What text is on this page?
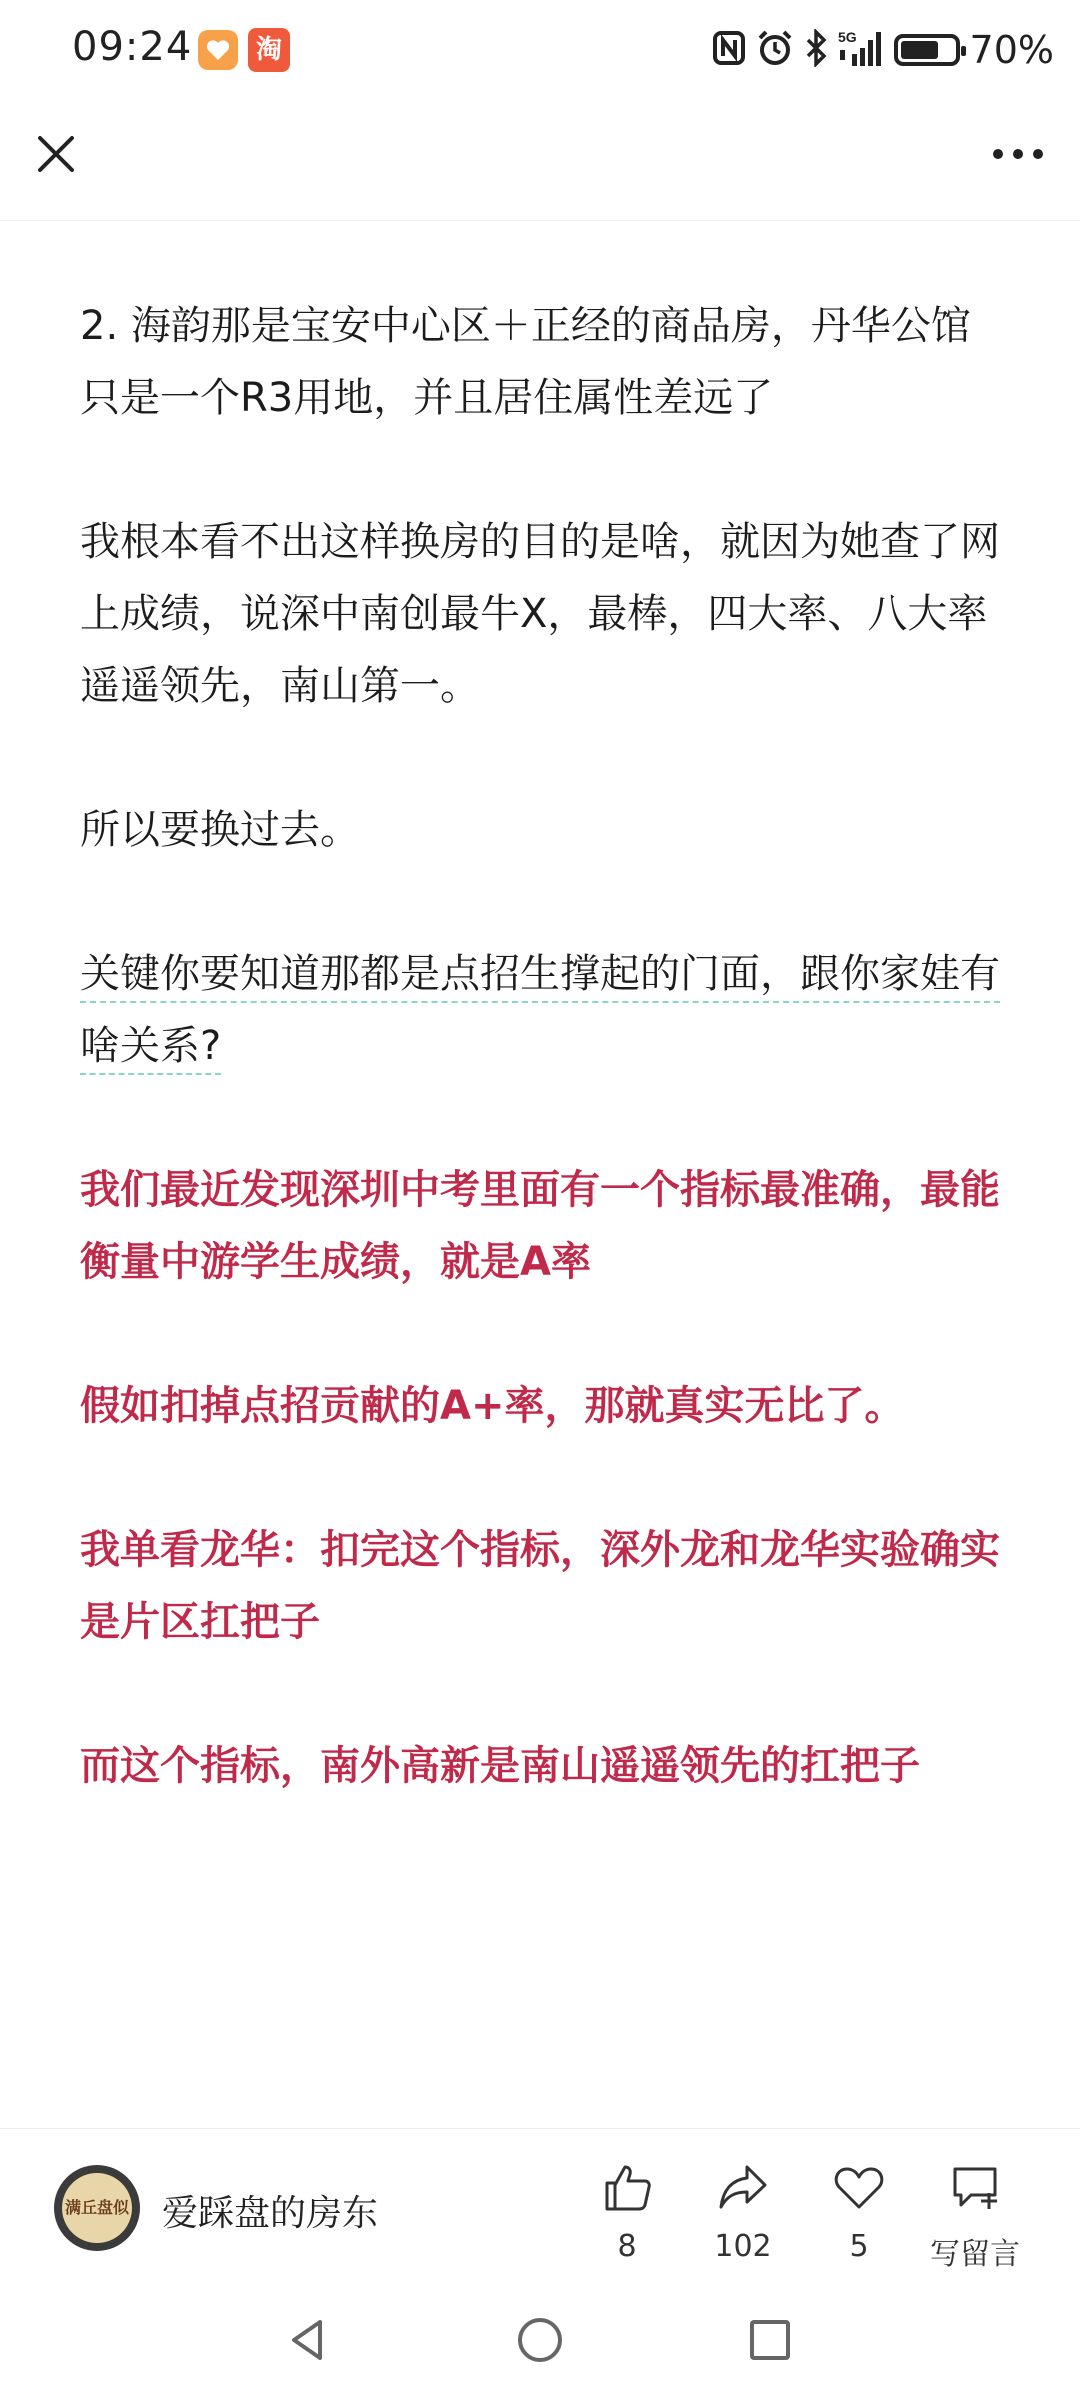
09:24	淘	5G	70%

2. 海韵那是宝安中心区＋正经的商品房，丹华公馆只是一个R3用地，并且居住属性差远了

我根本看不出这样换房的目的是啥，就因为她查了网上成绩，说深中南创最牛X，最棒，四大率、八大率遥遥领先，南山第一。

所以要换过去。

关键你要知道那都是点招生撑起的门面，跟你家娃有啥关系?

我们最近发现深圳中考里面有一个指标最准确，最能衡量中游学生成绩，就是A率

假如扣掉点招贡献的A+率，那就真实无比了。

我单看龙华：扣完这个指标，深外龙和龙华实验确实是片区扛把子

而这个指标，南外高新是南山遥遥领先的扛把子

满丘盘似 爱踩盘的房东
8	102	5	写留言
